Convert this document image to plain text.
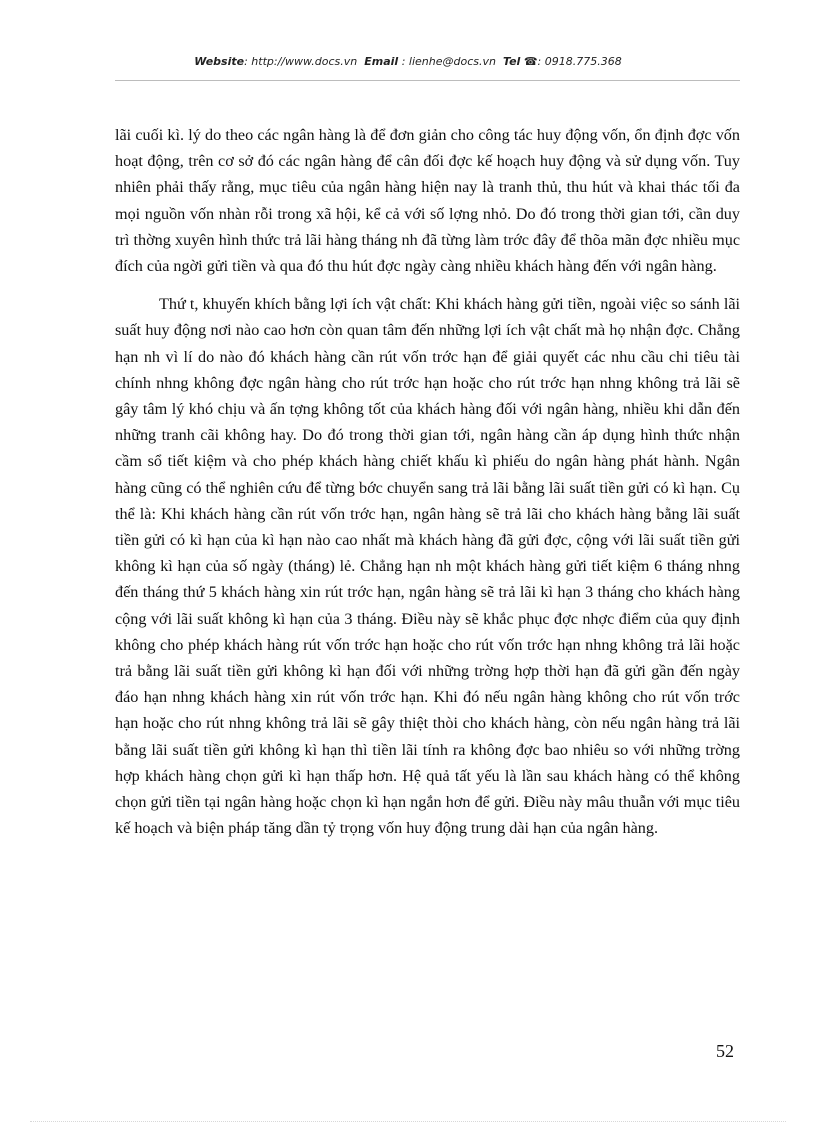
Website: http://www.docs.vn Email : lienhe@docs.vn Tel ☎: 0918.775.368

lãi cuối kì. lý do theo các ngân hàng là để đơn giản cho công tác huy động vốn, ổn định đợc vốn hoạt động, trên cơ sở đó các ngân hàng để cân đối đợc kế hoạch huy động và sử dụng vốn. Tuy nhiên phải thấy rằng, mục tiêu của ngân hàng hiện nay là tranh thủ, thu hút và khai thác tối đa mọi nguồn vốn nhàn rỗi trong xã hội, kể cả với số lợng nhỏ. Do đó trong thời gian tới, cần duy trì thờng xuyên hình thức trả lãi hàng tháng nh đã từng làm trớc đây để thõa mãn đợc nhiều mục đích của ngời gửi tiền và qua đó thu hút đợc ngày càng nhiều khách hàng đến với ngân hàng.

Thứ t, khuyến khích bằng lợi ích vật chất: Khi khách hàng gửi tiền, ngoài việc so sánh lãi suất huy động nơi nào cao hơn còn quan tâm đến những lợi ích vật chất mà họ nhận đợc. Chẳng hạn nh vì lí do nào đó khách hàng cần rút vốn trớc hạn để giải quyết các nhu cầu chi tiêu tài chính nhng không đợc ngân hàng cho rút trớc hạn hoặc cho rút trớc hạn nhng không trả lãi sẽ gây tâm lý khó chịu và ấn tợng không tốt của khách hàng đối với ngân hàng, nhiều khi dẫn đến những tranh cãi không hay. Do đó trong thời gian tới, ngân hàng cần áp dụng hình thức nhận cầm sổ tiết kiệm và cho phép khách hàng chiết khấu kì phiếu do ngân hàng phát hành. Ngân hàng cũng có thể nghiên cứu để từng bớc chuyển sang trả lãi bằng lãi suất tiền gửi có kì hạn. Cụ thể là: Khi khách hàng cần rút vốn trớc hạn, ngân hàng sẽ trả lãi cho khách hàng bằng lãi suất tiền gửi có kì hạn của kì hạn nào cao nhất mà khách hàng đã gửi đợc, cộng với lãi suất tiền gửi không kì hạn của số ngày (tháng) lẻ. Chẳng hạn nh một khách hàng gửi tiết kiệm 6 tháng nhng đến tháng thứ 5 khách hàng xin rút trớc hạn, ngân hàng sẽ trả lãi kì hạn 3 tháng cho khách hàng cộng với lãi suất không kì hạn của 3 tháng. Điều này sẽ khắc phục đợc nhợc điểm của quy định không cho phép khách hàng rút vốn trớc hạn hoặc cho rút vốn trớc hạn nhng không trả lãi hoặc trả bằng lãi suất tiền gửi không kì hạn đối với những trờng hợp thời hạn đã gửi gần đến ngày đáo hạn nhng khách hàng xin rút vốn trớc hạn. Khi đó nếu ngân hàng không cho rút vốn trớc hạn hoặc cho rút nhng không trả lãi sẽ gây thiệt thòi cho khách hàng, còn nếu ngân hàng trả lãi bằng lãi suất tiền gửi không kì hạn thì tiền lãi tính ra không đợc bao nhiêu so với những trờng hợp khách hàng chọn gửi kì hạn thấp hơn. Hệ quả tất yếu là lần sau khách hàng có thể không chọn gửi tiền tại ngân hàng hoặc chọn kì hạn ngắn hơn để gửi. Điều này mâu thuẫn với mục tiêu kế hoạch và biện pháp tăng dần tỷ trọng vốn huy động trung dài hạn của ngân hàng.

52
